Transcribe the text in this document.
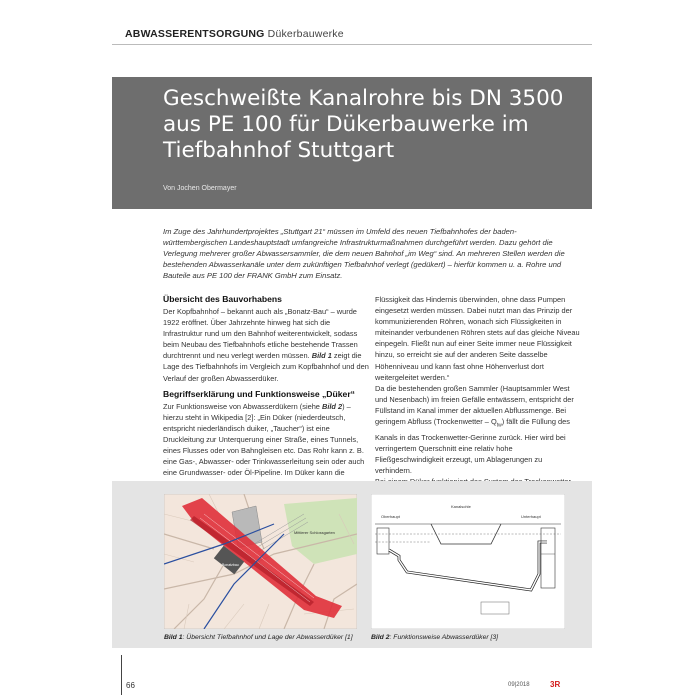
ABWASSERENTSORGUNG Dükerbauwerke
Geschweißte Kanalrohre bis DN 3500 aus PE 100 für Dükerbauwerke im Tiefbahnhof Stuttgart
Von Jochen Obermayer
Im Zuge des Jahrhundertprojektes „Stuttgart 21“ müssen im Umfeld des neuen Tiefbahnhofes der baden-württembergischen Landeshauptstadt umfangreiche Infrastrukturmaßnahmen durchgeführt werden. Dazu gehört die Verlegung mehrerer großer Abwassersammler, die dem neuen Bahnhof „im Weg“ sind. An mehreren Stellen werden die bestehenden Abwasserkanäle unter dem zukünftigen Tiefbahnhof verlegt (gedükert) – hierfür kommen u. a. Rohre und Bauteile aus PE 100 der FRANK GmbH zum Einsatz.
Übersicht des Bauvorhabens

Der Kopfbahnhof – bekannt auch als „Bonatz-Bau“ – wurde 1922 eröffnet. Über Jahrzehnte hinweg hat sich die Infrastruktur rund um den Bahnhof weiterentwickelt, sodass beim Neubau des Tiefbahnhofs etliche bestehende Trassen durchtrennt und neu verlegt werden müssen. Bild 1 zeigt die Lage des Tiefbahnhofs im Vergleich zum Kopfbahnhof und den Verlauf der großen Abwasserdüker.

Begriffserklärung und Funktionsweise „Düker“

Zur Funktionsweise von Abwasserdükern (siehe Bild 2) – hierzu steht in Wikipedia [2]: „Ein Düker (niederdeutsch, entspricht niederländisch duiker, „Taucher“) ist eine Druckleitung zur Unterquerung einer Straße, eines Tunnels, eines Flusses oder von Bahngleisen etc. Das Rohr kann z. B. eine Gas-, Abwasser- oder Trinkwasserleitung sein oder auch eine Grundwasser- oder Öl-Pipeline. Im Düker kann die

Flüssigkeit das Hindernis überwinden, ohne dass Pumpen eingesetzt werden müssen. Dabei nutzt man das Prinzip der kommunizierenden Röhren, wonach sich Flüssigkeiten in miteinander verbundenen Röhren stets auf das gleiche Niveau einpegeln. Fließt nun auf einer Seite immer neue Flüssigkeit hinzu, so erreicht sie auf der anderen Seite dasselbe Höhenniveau und kann fast ohne Höhenverlust dort weitergeleitet werden.“

Da die bestehenden großen Sammler (Hauptsammler West und Nesenbach) im freien Gefälle entwässern, entspricht der Füllstand im Kanal immer der aktuellen Abflussmenge. Bei geringem Abfluss (Trockenwetter – $Q_{tw}$) fällt die Füllung des Kanals in das Trockenwetter-Gerinne zurück. Hier wird bei verringertem Querschnitt eine relativ hohe Fließgeschwindigkeit erzeugt, um Ablagerungen zu verhindern.

Mittlerer Schlossgarten
Bonatzbau
Oberhaupt
Kanalsohle
Unterhaupt
Bild 1: Übersicht Tiefbahnhof und Lage der Abwasserdüker [1]	Bild 2: Funktionsweise Abwasserdüker [3]
66	09|2018	3R
